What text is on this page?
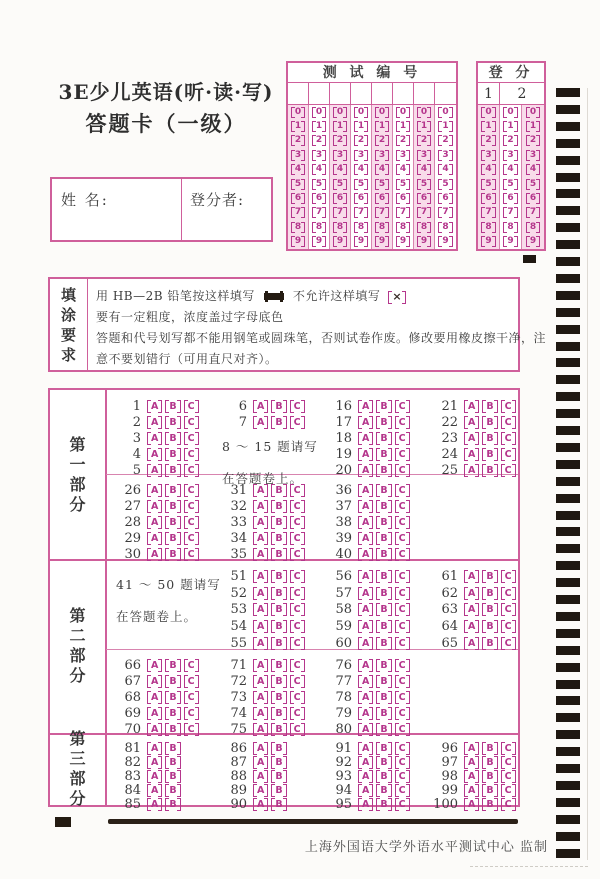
3E少儿英语(听·读·写)
答题卡（一级）
姓 名:	登分者:
测 试 编 号
0	0	0	0	0	0	0	0
1	1	1	1	1	1	1	1
2	2	2	2	2	2	2	2
3	3	3	3	3	3	3	3
4	4	4	4	4	4	4	4
5	5	5	5	5	5	5	5
6	6	6	6	6	6	6	6
7	7	7	7	7	7	7	7
8	8	8	8	8	8	8	8
9	9	9	9	9	9	9	9
登 分
1	2
0	0	0
1	1	1
2	2	2
3	3	3
4	4	4
5	5	5
6	6	6
7	7	7
8	8	8
9	9	9
填
涂
要
求
用 HB—2B 铅笔按这样填写	不允许这样填写 ×
要有一定粗度，浓度盖过字母底色
答题和代号划写都不能用钢笔或圆珠笔，否则试卷作废。修改要用橡皮擦干净，注
意不要划错行（可用直尺对齐）。
第
一
部
分
1	A	B	C
2	A	B	C
3	A	B	C
4	A	B	C
5	A	B	C
6	A	B	C
7	A	B	C
8 ～ 15 题请写
在答题卷上。
16	A	B	C
17	A	B	C
18	A	B	C
19	A	B	C
20	A	B	C
21	A	B	C
22	A	B	C
23	A	B	C
24	A	B	C
25	A	B	C
26	A	B	C
27	A	B	C
28	A	B	C
29	A	B	C
30	A	B	C
31	A	B	C
32	A	B	C
33	A	B	C
34	A	B	C
35	A	B	C
36	A	B	C
37	A	B	C
38	A	B	C
39	A	B	C
40	A	B	C
第
二
部
分
41 ～ 50 题请写
在答题卷上。
51	A	B	C
52	A	B	C
53	A	B	C
54	A	B	C
55	A	B	C
56	A	B	C
57	A	B	C
58	A	B	C
59	A	B	C
60	A	B	C
61	A	B	C
62	A	B	C
63	A	B	C
64	A	B	C
65	A	B	C
66	A	B	C
67	A	B	C
68	A	B	C
69	A	B	C
70	A	B	C
71	A	B	C
72	A	B	C
73	A	B	C
74	A	B	C
75	A	B	C
76	A	B	C
77	A	B	C
78	A	B	C
79	A	B	C
80	A	B	C
第
三
部
分
81	A	B
82	A	B
83	A	B
84	A	B
85	A	B
86	A	B
87	A	B
88	A	B
89	A	B
90	A	B
91	A	B	C
92	A	B	C
93	A	B	C
94	A	B	C
95	A	B	C
96	A	B	C
97	A	B	C
98	A	B	C
99	A	B	C
100	A	B	C
上海外国语大学外语水平测试中心 监制
